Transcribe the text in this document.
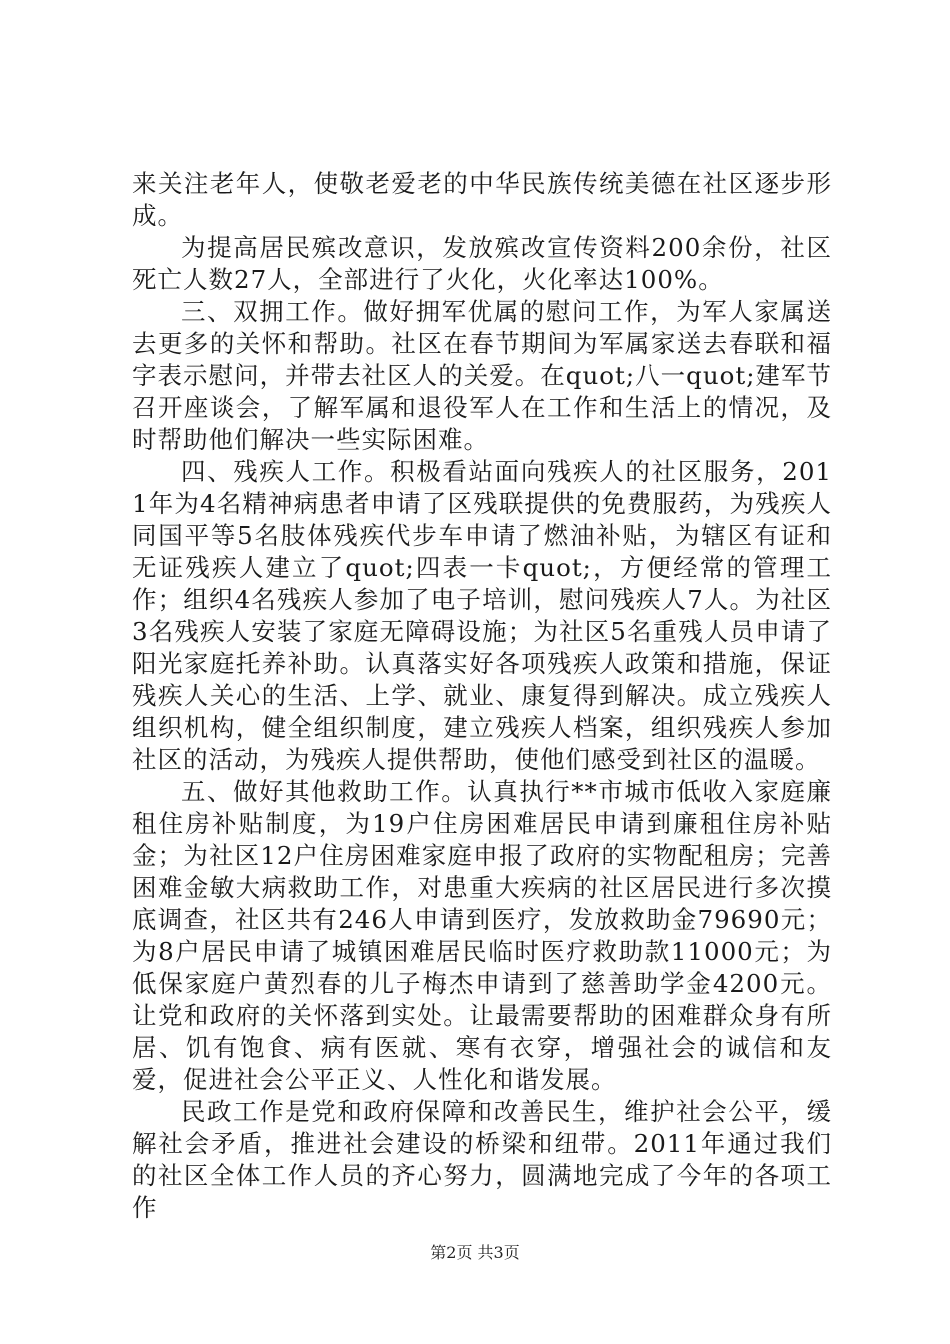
来关注老年人，使敬老爱老的中华民族传统美德在社区逐步形成。

为提高居民殡改意识，发放殡改宣传资料200余份，社区死亡人数27人，全部进行了火化，火化率达100%。

三、双拥工作。做好拥军优属的慰问工作，为军人家属送去更多的关怀和帮助。社区在春节期间为军属家送去春联和福字表示慰问，并带去社区人的关爱。在quot;八一quot;建军节召开座谈会，了解军属和退役军人在工作和生活上的情况，及时帮助他们解决一些实际困难。

四、残疾人工作。积极看站面向残疾人的社区服务，2011年为4名精神病患者申请了区残联提供的免费服药，为残疾人同国平等5名肢体残疾代步车申请了燃油补贴，为辖区有证和无证残疾人建立了quot;四表一卡quot;，方便经常的管理工作；组织4名残疾人参加了电子培训，慰问残疾人7人。为社区3名残疾人安装了家庭无障碍设施；为社区5名重残人员申请了阳光家庭托养补助。认真落实好各项残疾人政策和措施，保证残疾人关心的生活、上学、就业、康复得到解决。成立残疾人组织机构，健全组织制度，建立残疾人档案，组织残疾人参加社区的活动，为残疾人提供帮助，使他们感受到社区的温暖。

五、做好其他救助工作。认真执行**市城市低收入家庭廉租住房补贴制度，为19户住房困难居民申请到廉租住房补贴金；为社区12户住房困难家庭申报了政府的实物配租房；完善困难金敏大病救助工作，对患重大疾病的社区居民进行多次摸底调查，社区共有246人申请到医疗，发放救助金79690元；为8户居民申请了城镇困难居民临时医疗救助款11000元；为低保家庭户黄烈春的儿子梅杰申请到了慈善助学金4200元。让党和政府的关怀落到实处。让最需要帮助的困难群众身有所居、饥有饱食、病有医就、寒有衣穿，增强社会的诚信和友爱，促进社会公平正义、人性化和谐发展。

民政工作是党和政府保障和改善民生，维护社会公平，缓解社会矛盾，推进社会建设的桥梁和纽带。2011年通过我们的社区全体工作人员的齐心努力，圆满地完成了今年的各项工作

第2页 共3页
